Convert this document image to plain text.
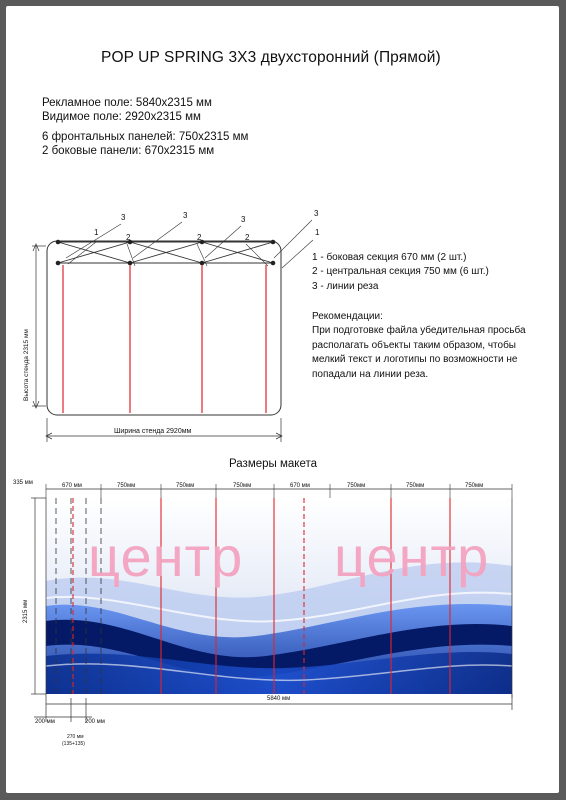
POP UP SPRING 3X3 двухсторонний (Прямой)
Рекламное поле: 5840x2315 мм
Видимое поле: 2920x2315 мм
6 фронтальных панелей: 750x2315 мм
2 боковые панели: 670x2315 мм
3
1
2
3
2
3
2
3
1
Высота стенда 2315 мм
Ширина стенда 2920мм
1 - боковая секция 670 мм (2 шт.)
2 - центральная секция 750 мм (6 шт.)
3 - линии реза
Рекомендации:
При подготовке файла убедительная просьба располагать объекты таким образом, чтобы мелкий текст и логотипы по возможности не попадали на линии реза.
Размеры макета
335 мм	670 мм	750мм	750мм	750мм	670 мм	750мм	750мм	750мм
2315 мм
центр центр
5840 мм
200 мм	200 мм
270 мм
(135+135)
